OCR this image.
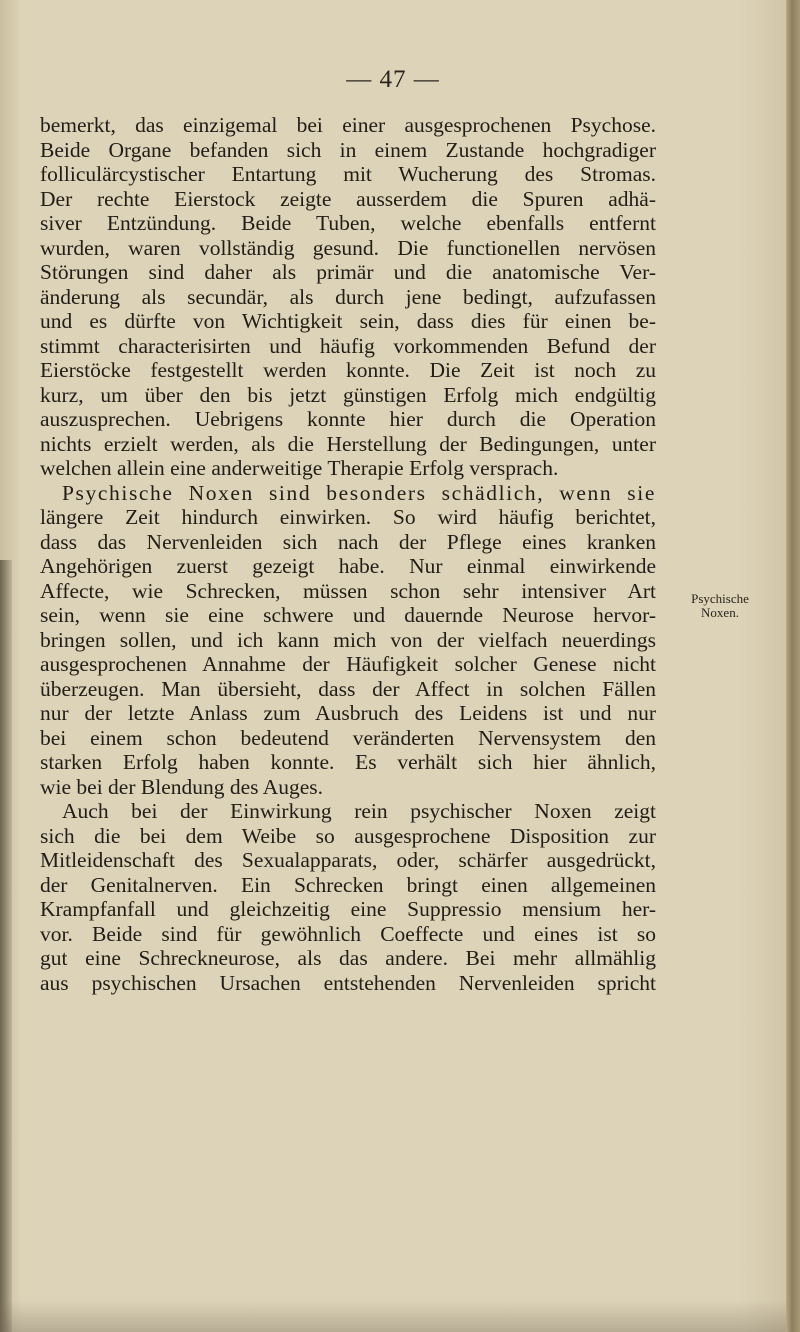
— 47 —
bemerkt, das einzigemal bei einer ausgesprochenen Psychose.
Beide Organe befanden sich in einem Zustande hochgradiger
folliculärcystischer Entartung mit Wucherung des Stromas.
Der rechte Eierstock zeigte ausserdem die Spuren adhä-
siver Entzündung. Beide Tuben, welche ebenfalls entfernt
wurden, waren vollständig gesund. Die functionellen nervösen
Störungen sind daher als primär und die anatomische Ver-
änderung als secundär, als durch jene bedingt, aufzufassen
und es dürfte von Wichtigkeit sein, dass dies für einen be-
stimmt characterisirten und häufig vorkommenden Befund der
Eierstöcke festgestellt werden konnte. Die Zeit ist noch zu
kurz, um über den bis jetzt günstigen Erfolg mich endgültig
auszusprechen. Uebrigens konnte hier durch die Operation
nichts erzielt werden, als die Herstellung der Bedingungen, unter
welchen allein eine anderweitige Therapie Erfolg versprach.
Psychische Noxen sind besonders schädlich, wenn sie
längere Zeit hindurch einwirken. So wird häufig berichtet,
dass das Nervenleiden sich nach der Pflege eines kranken
Angehörigen zuerst gezeigt habe. Nur einmal einwirkende
Affecte, wie Schrecken, müssen schon sehr intensiver Art
sein, wenn sie eine schwere und dauernde Neurose hervor-
bringen sollen, und ich kann mich von der vielfach neuerdings
ausgesprochenen Annahme der Häufigkeit solcher Genese nicht
überzeugen. Man übersieht, dass der Affect in solchen Fällen
nur der letzte Anlass zum Ausbruch des Leidens ist und nur
bei einem schon bedeutend veränderten Nervensystem den
starken Erfolg haben konnte. Es verhält sich hier ähnlich,
wie bei der Blendung des Auges.
Auch bei der Einwirkung rein psychischer Noxen zeigt
sich die bei dem Weibe so ausgesprochene Disposition zur
Mitleidenschaft des Sexualapparats, oder, schärfer ausgedrückt,
der Genitalnerven. Ein Schrecken bringt einen allgemeinen
Krampfanfall und gleichzeitig eine Suppressio mensium her-
vor. Beide sind für gewöhnlich Coeffecte und eines ist so
gut eine Schreckneurose, als das andere. Bei mehr allmählig
aus psychischen Ursachen entstehenden Nervenleiden spricht
Psychische
Noxen.
